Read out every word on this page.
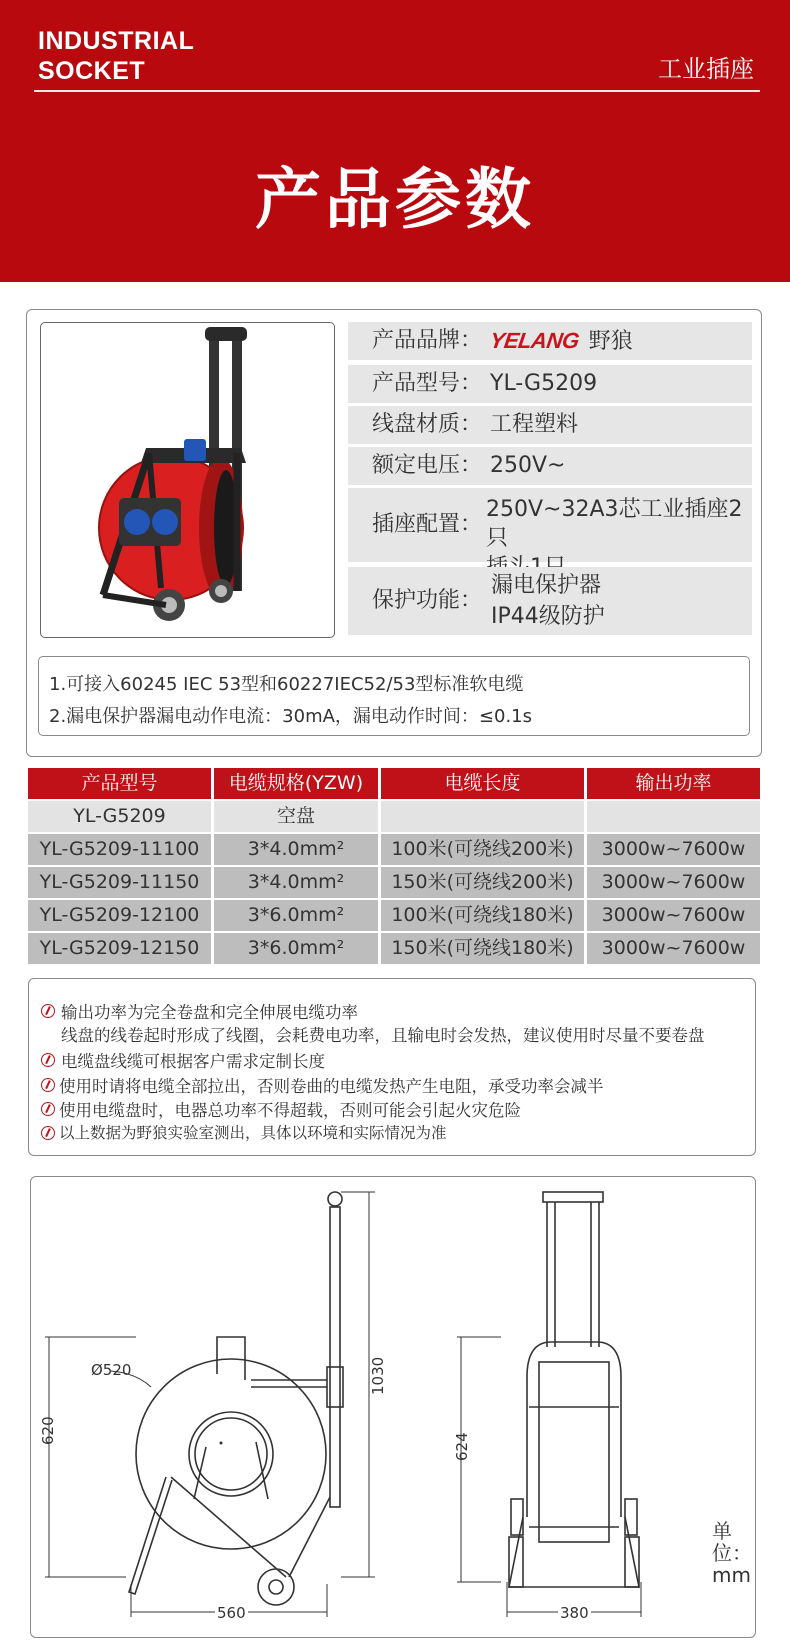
INDUSTRIAL
SOCKET	工业插座
产品参数
产品品牌： YELANG 野狼
产品型号： YL-G5209
线盘材质： 工程塑料
额定电压： 250V~
插座配置：
250V~32A3芯工业插座2只
保护功能：
漏电保护器
IP44级防护
1.可接入60245 IEC 53型和60227IEC52/53型标准软电缆
2.漏电保护器漏电动作电流：30mA，漏电动作时间：≤0.1s
产品型号	电缆规格(YZW)	电缆长度	输出功率
YL-G5209	空盘
YL-G5209-11100	3*4.0mm²	100米(可绕线200米)	3000w~7600w
YL-G5209-11150	3*4.0mm²	150米(可绕线200米)	3000w~7600w
YL-G5209-12100	3*6.0mm²	100米(可绕线180米)	3000w~7600w
YL-G5209-12150	3*6.0mm²	150米(可绕线180米)	3000w~7600w
输出功率为完全卷盘和完全伸展电缆功率
线盘的线卷起时形成了线圈，会耗费电功率，且输电时会发热，建议使用时尽量不要卷盘
电缆盘线缆可根据客户需求定制长度
使用时请将电缆全部拉出，否则卷曲的电缆发热产生电阻，承受功率会减半
使用电缆盘时，电器总功率不得超载，否则可能会引起火灾危险
以上数据为野狼实验室测出，具体以环境和实际情况为准
Ø520
620
1030
560
624
380
单位：mm
